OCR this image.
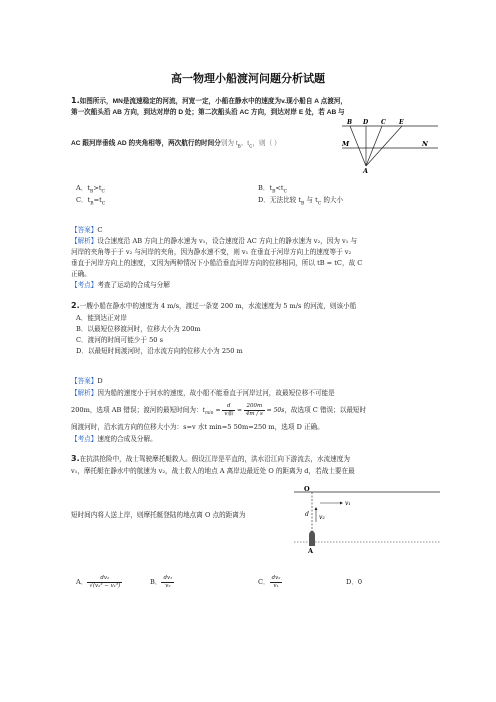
高一物理小船渡河问题分析试题
1.如图所示，MN是流速稳定的河流，河宽一定，小船在静水中的速度为v.现小船自 A 点渡河，
第一次船头沿 AB 方向，到达对岸的 D 处；第二次船头沿 AC 方向，到达对岸 E 处，若 AB 与
B D C E
M	N
A
AC 跟河岸垂线 AD 的夹角相等，两次航行的时间分别为 $t_B$、$t_C$，则（ ）
A．$t_B>t_C$	B．$t_B<t_C$
C．$t_B=t_C$	D．无法比较 $t_B$ 与 $t_C$ 的大小
【答案】C
【解析】设合速度沿 AB 方向上的静水速为 v₁，设合速度沿 AC 方向上的静水速为 v₂，因为 v₁ 与
河岸的夹角等于于 v₂ 与河岸的夹角，因为静水速不变，则 v₁ 在垂直于河岸方向上的速度等于 v₂
垂直于河岸方向上的速度，又因为两种情况下小船沿垂直河岸方向的位移相同，所以 tB = tC，故 C
正确。
【考点】考查了运动的合成与分解
2.一艘小船在静水中的速度为 4 m/s，渡过一条宽 200 m，水流速度为 5 m/s 的河流，则该小船
A．能到达正对岸
B．以最短位移渡河时，位移大小为 200m
C．渡河的时间可能少于 50 s
D．以最短时间渡河时，沿水流方向的位移大小为 250 m
【答案】D
【解析】因为船的速度小于河水的速度，故小船不能垂直于河岸过河，故最短位移不可能是
200m，选项 AB 错误；渡河的最短时间为：$t_{min} = \frac{d}{\text{v船}} = \frac{200m}{4m / s} = 50s$，故选项 C 错误；以最短时
间渡河时，沿水流方向的位移大小为：s=v 水t min=5 50m=250 m，选项 D 正确。
【考点】速度的合成及分解。
3.在抗洪抢险中，战士驾驶摩托艇救人。假设江岸是平直的，洪水沿江向下游流去，水流速度为
v₁，摩托艇在静水中的航速为 v₂，战士救人的地点 A 离岸边最近处 O 的距离为 d，若战士要在最
短时间内将人送上岸，则摩托艇登陆的地点离 O 点的距离为
O
d
v₁
v₂
A
A． $\frac{\text{dv₂}}{\text{√(v₂² − v₁²)}}$	B． $\frac{\text{dv₁}}{\text{v₂}}$	C． $\frac{\text{dv₂}}{\text{v₁}}$	D．0
